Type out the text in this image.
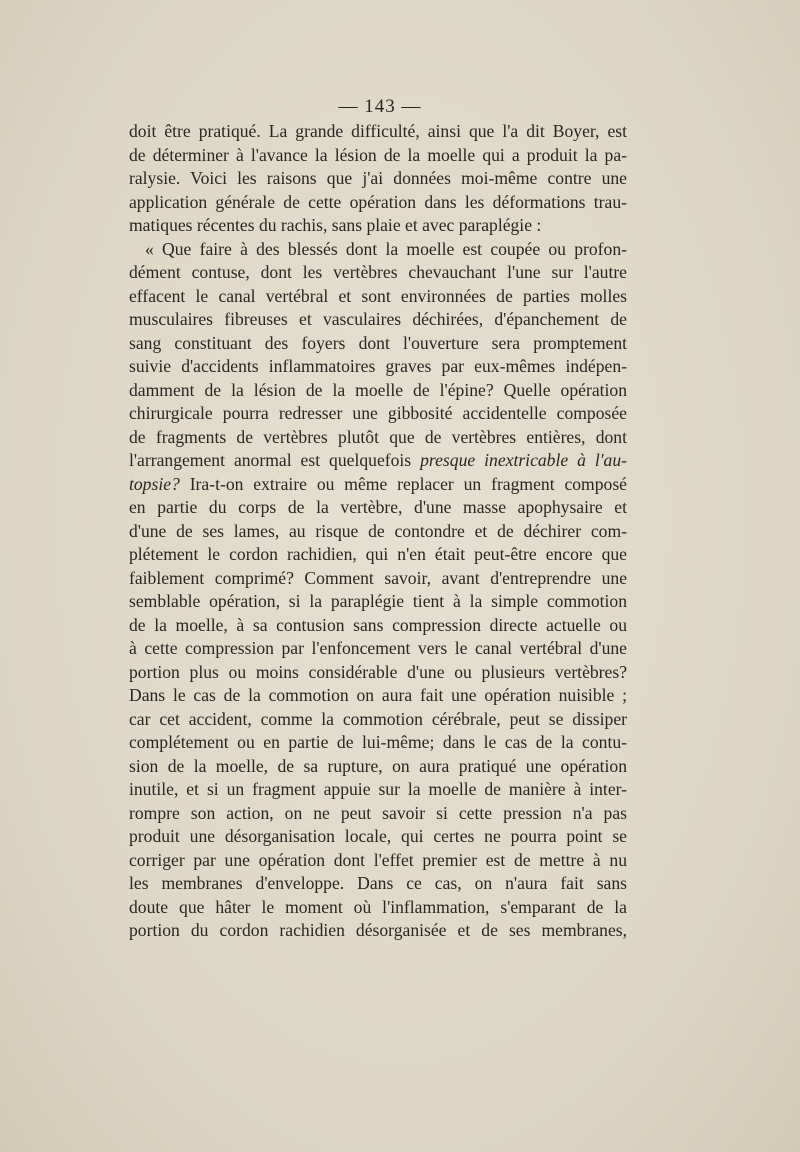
— 143 —
doit être pratiqué. La grande difficulté, ainsi que l'a dit Boyer, est
de déterminer à l'avance la lésion de la moelle qui a produit la pa-
ralysie. Voici les raisons que j'ai données moi-même contre une
application générale de cette opération dans les déformations trau-
matiques récentes du rachis, sans plaie et avec paraplégie :
« Que faire à des blessés dont la moelle est coupée ou profon-
dément contuse, dont les vertèbres chevauchant l'une sur l'autre
effacent le canal vertébral et sont environnées de parties molles
musculaires fibreuses et vasculaires déchirées, d'épanchement de
sang constituant des foyers dont l'ouverture sera promptement
suivie d'accidents inflammatoires graves par eux-mêmes indépen-
damment de la lésion de la moelle de l'épine? Quelle opération
chirurgicale pourra redresser une gibbosité accidentelle composée
de fragments de vertèbres plutôt que de vertèbres entières, dont
l'arrangement anormal est quelquefois presque inextricable à l'au-
topsie? Ira-t-on extraire ou même replacer un fragment composé
en partie du corps de la vertèbre, d'une masse apophysaire et
d'une de ses lames, au risque de contondre et de déchirer com-
plétement le cordon rachidien, qui n'en était peut-être encore que
faiblement comprimé? Comment savoir, avant d'entreprendre une
semblable opération, si la paraplégie tient à la simple commotion
de la moelle, à sa contusion sans compression directe actuelle ou
à cette compression par l'enfoncement vers le canal vertébral d'une
portion plus ou moins considérable d'une ou plusieurs vertèbres?
Dans le cas de la commotion on aura fait une opération nuisible ;
car cet accident, comme la commotion cérébrale, peut se dissiper
complétement ou en partie de lui-même; dans le cas de la contu-
sion de la moelle, de sa rupture, on aura pratiqué une opération
inutile, et si un fragment appuie sur la moelle de manière à inter-
rompre son action, on ne peut savoir si cette pression n'a pas
produit une désorganisation locale, qui certes ne pourra point se
corriger par une opération dont l'effet premier est de mettre à nu
les membranes d'enveloppe. Dans ce cas, on n'aura fait sans
doute que hâter le moment où l'inflammation, s'emparant de la
portion du cordon rachidien désorganisée et de ses membranes,
